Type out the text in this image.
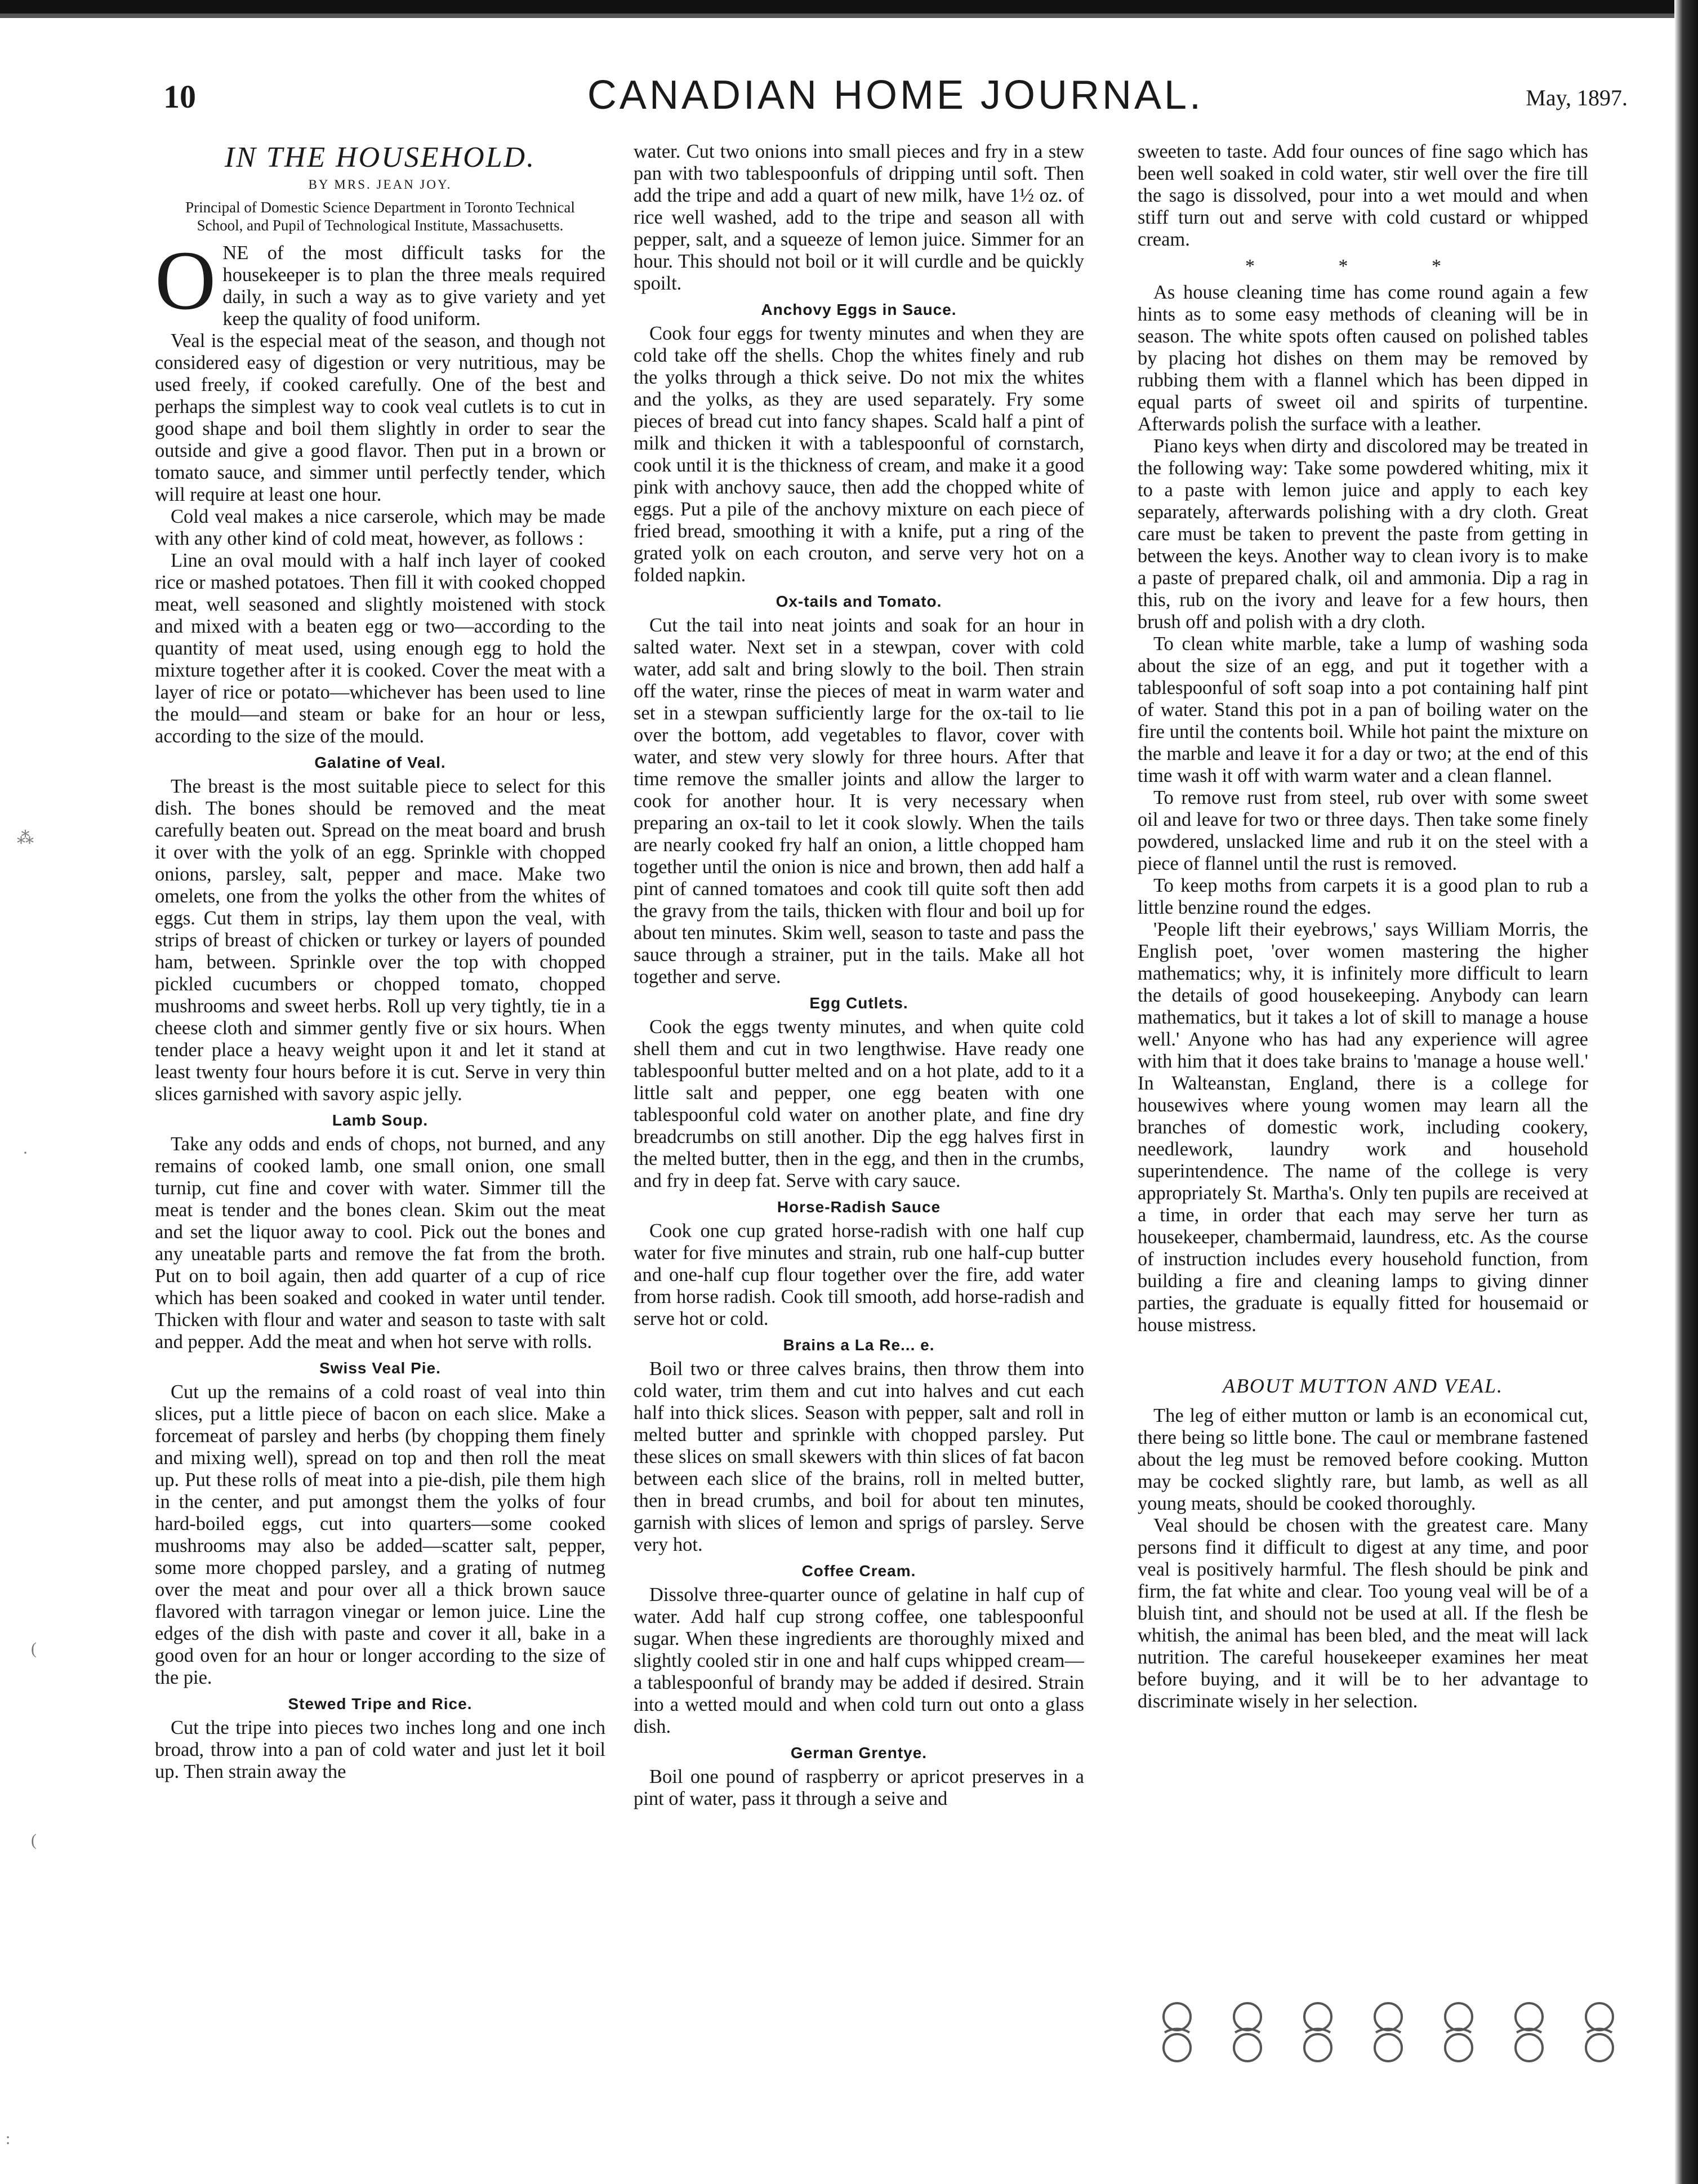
10	CANADIAN HOME JOURNAL.	May, 1897.
IN THE HOUSEHOLD.
BY MRS. JEAN JOY.
Principal of Domestic Science Department in Toronto Technical School, and Pupil of Technological Institute, Massachusetts.

ONE of the most difficult tasks for the housekeeper is to plan the three meals required daily, in such a way as to give variety and yet keep the quality of food uniform.

Veal is the especial meat of the season, and though not considered easy of digestion or very nutritious, may be used freely, if cooked carefully. One of the best and perhaps the simplest way to cook veal cutlets is to cut in good shape and boil them slightly in order to sear the outside and give a good flavor. Then put in a brown or tomato sauce, and simmer until perfectly tender, which will require at least one hour.

Cold veal makes a nice carserole, which may be made with any other kind of cold meat, however, as follows :

Line an oval mould with a half inch layer of cooked rice or mashed potatoes. Then fill it with cooked chopped meat, well seasoned and slightly moistened with stock and mixed with a beaten egg or two—according to the quantity of meat used, using enough egg to hold the mixture together after it is cooked. Cover the meat with a layer of rice or potato—whichever has been used to line the mould—and steam or bake for an hour or less, according to the size of the mould.

Galatine of Veal.

The breast is the most suitable piece to select for this dish. The bones should be removed and the meat carefully beaten out. Spread on the meat board and brush it over with the yolk of an egg. Sprinkle with chopped onions, parsley, salt, pepper and mace. Make two omelets, one from the yolks the other from the whites of eggs. Cut them in strips, lay them upon the veal, with strips of breast of chicken or turkey or layers of pounded ham, between. Sprinkle over the top with chopped pickled cucumbers or chopped tomato, chopped mushrooms and sweet herbs. Roll up very tightly, tie in a cheese cloth and simmer gently five or six hours. When tender place a heavy weight upon it and let it stand at least twenty four hours before it is cut. Serve in very thin slices garnished with savory aspic jelly.

Lamb Soup.

Take any odds and ends of chops, not burned, and any remains of cooked lamb, one small onion, one small turnip, cut fine and cover with water. Simmer till the meat is tender and the bones clean. Skim out the meat and set the liquor away to cool. Pick out the bones and any uneatable parts and remove the fat from the broth. Put on to boil again, then add quarter of a cup of rice which has been soaked and cooked in water until tender. Thicken with flour and water and season to taste with salt and pepper. Add the meat and when hot serve with rolls.

Swiss Veal Pie.

Cut up the remains of a cold roast of veal into thin slices, put a little piece of bacon on each slice. Make a forcemeat of parsley and herbs (by chopping them finely and mixing well), spread on top and then roll the meat up. Put these rolls of meat into a pie-dish, pile them high in the center, and put amongst them the yolks of four hard-boiled eggs, cut into quarters—some cooked mushrooms may also be added—scatter salt, pepper, some more chopped parsley, and a grating of nutmeg over the meat and pour over all a thick brown sauce flavored with tarragon vinegar or lemon juice. Line the edges of the dish with paste and cover it all, bake in a good oven for an hour or longer according to the size of the pie.

Stewed Tripe and Rice.

Cut the tripe into pieces two inches long and one inch broad, throw into a pan of cold water and just let it boil up. Then strain away the

water. Cut two onions into small pieces and fry in a stew pan with two tablespoonfuls of dripping until soft. Then add the tripe and add a quart of new milk, have 1½ oz. of rice well washed, add to the tripe and season all with pepper, salt, and a squeeze of lemon juice. Simmer for an hour. This should not boil or it will curdle and be quickly spoilt.

Anchovy Eggs in Sauce.

Cook four eggs for twenty minutes and when they are cold take off the shells. Chop the whites finely and rub the yolks through a thick seive. Do not mix the whites and the yolks, as they are used separately. Fry some pieces of bread cut into fancy shapes. Scald half a pint of milk and thicken it with a tablespoonful of cornstarch, cook until it is the thickness of cream, and make it a good pink with anchovy sauce, then add the chopped white of eggs. Put a pile of the anchovy mixture on each piece of fried bread, smoothing it with a knife, put a ring of the grated yolk on each crouton, and serve very hot on a folded napkin.

Ox-tails and Tomato.

Cut the tail into neat joints and soak for an hour in salted water. Next set in a stewpan, cover with cold water, add salt and bring slowly to the boil. Then strain off the water, rinse the pieces of meat in warm water and set in a stewpan sufficiently large for the ox-tail to lie over the bottom, add vegetables to flavor, cover with water, and stew very slowly for three hours. After that time remove the smaller joints and allow the larger to cook for another hour. It is very necessary when preparing an ox-tail to let it cook slowly. When the tails are nearly cooked fry half an onion, a little chopped ham together until the onion is nice and brown, then add half a pint of canned tomatoes and cook till quite soft then add the gravy from the tails, thicken with flour and boil up for about ten minutes. Skim well, season to taste and pass the sauce through a strainer, put in the tails. Make all hot together and serve.

Egg Cutlets.

Cook the eggs twenty minutes, and when quite cold shell them and cut in two lengthwise. Have ready one tablespoonful butter melted and on a hot plate, add to it a little salt and pepper, one egg beaten with one tablespoonful cold water on another plate, and fine dry breadcrumbs on still another. Dip the egg halves first in the melted butter, then in the egg, and then in the crumbs, and fry in deep fat. Serve with cary sauce.

Horse-Radish Sauce

Cook one cup grated horse-radish with one half cup water for five minutes and strain, rub one half-cup butter and one-half cup flour together over the fire, add water from horse radish. Cook till smooth, add horse-radish and serve hot or cold.

Brains a La Re... e.

Boil two or three calves brains, then throw them into cold water, trim them and cut into halves and cut each half into thick slices. Season with pepper, salt and roll in melted butter and sprinkle with chopped parsley. Put these slices on small skewers with thin slices of fat bacon between each slice of the brains, roll in melted butter, then in bread crumbs, and boil for about ten minutes, garnish with slices of lemon and sprigs of parsley. Serve very hot.

Coffee Cream.

Dissolve three-quarter ounce of gelatine in half cup of water. Add half cup strong coffee, one tablespoonful sugar. When these ingredients are thoroughly mixed and slightly cooled stir in one and half cups whipped cream—a tablespoonful of brandy may be added if desired. Strain into a wetted mould and when cold turn out onto a glass dish.

German Grentye.

Boil one pound of raspberry or apricot preserves in a pint of water, pass it through a seive and

sweeten to taste. Add four ounces of fine sago which has been well soaked in cold water, stir well over the fire till the sago is dissolved, pour into a wet mould and when stiff turn out and serve with cold custard or whipped cream.

* * *

As house cleaning time has come round again a few hints as to some easy methods of cleaning will be in season. The white spots often caused on polished tables by placing hot dishes on them may be removed by rubbing them with a flannel which has been dipped in equal parts of sweet oil and spirits of turpentine. Afterwards polish the surface with a leather.

Piano keys when dirty and discolored may be treated in the following way: Take some powdered whiting, mix it to a paste with lemon juice and apply to each key separately, afterwards polishing with a dry cloth. Great care must be taken to prevent the paste from getting in between the keys. Another way to clean ivory is to make a paste of prepared chalk, oil and ammonia. Dip a rag in this, rub on the ivory and leave for a few hours, then brush off and polish with a dry cloth.

To clean white marble, take a lump of washing soda about the size of an egg, and put it together with a tablespoonful of soft soap into a pot containing half pint of water. Stand this pot in a pan of boiling water on the fire until the contents boil. While hot paint the mixture on the marble and leave it for a day or two; at the end of this time wash it off with warm water and a clean flannel.

To remove rust from steel, rub over with some sweet oil and leave for two or three days. Then take some finely powdered, unslacked lime and rub it on the steel with a piece of flannel until the rust is removed.

To keep moths from carpets it is a good plan to rub a little benzine round the edges.

'People lift their eyebrows,' says William Morris, the English poet, 'over women mastering the higher mathematics; why, it is infinitely more difficult to learn the details of good housekeeping. Anybody can learn mathematics, but it takes a lot of skill to manage a house well.' Anyone who has had any experience will agree with him that it does take brains to 'manage a house well.' In Walteanstan, England, there is a college for housewives where young women may learn all the branches of domestic work, including cookery, needlework, laundry work and household superintendence. The name of the college is very appropriately St. Martha's. Only ten pupils are received at a time, in order that each may serve her turn as housekeeper, chambermaid, laundress, etc. As the course of instruction includes every household function, from building a fire and cleaning lamps to giving dinner parties, the graduate is equally fitted for housemaid or house mistress.

ABOUT MUTTON AND VEAL.

The leg of either mutton or lamb is an economical cut, there being so little bone. The caul or membrane fastened about the leg must be removed before cooking. Mutton may be cocked slightly rare, but lamb, as well as all young meats, should be cooked thoroughly.

Veal should be chosen with the greatest care. Many persons find it difficult to digest at any time, and poor veal is positively harmful. The flesh should be pink and firm, the fat white and clear. Too young veal will be of a bluish tint, and should not be used at all. If the flesh be whitish, the animal has been bled, and the meat will lack nutrition. The careful housekeeper examines her meat before buying, and it will be to her advantage to discriminate wisely in her selection.

⁂
·
(
(
:
